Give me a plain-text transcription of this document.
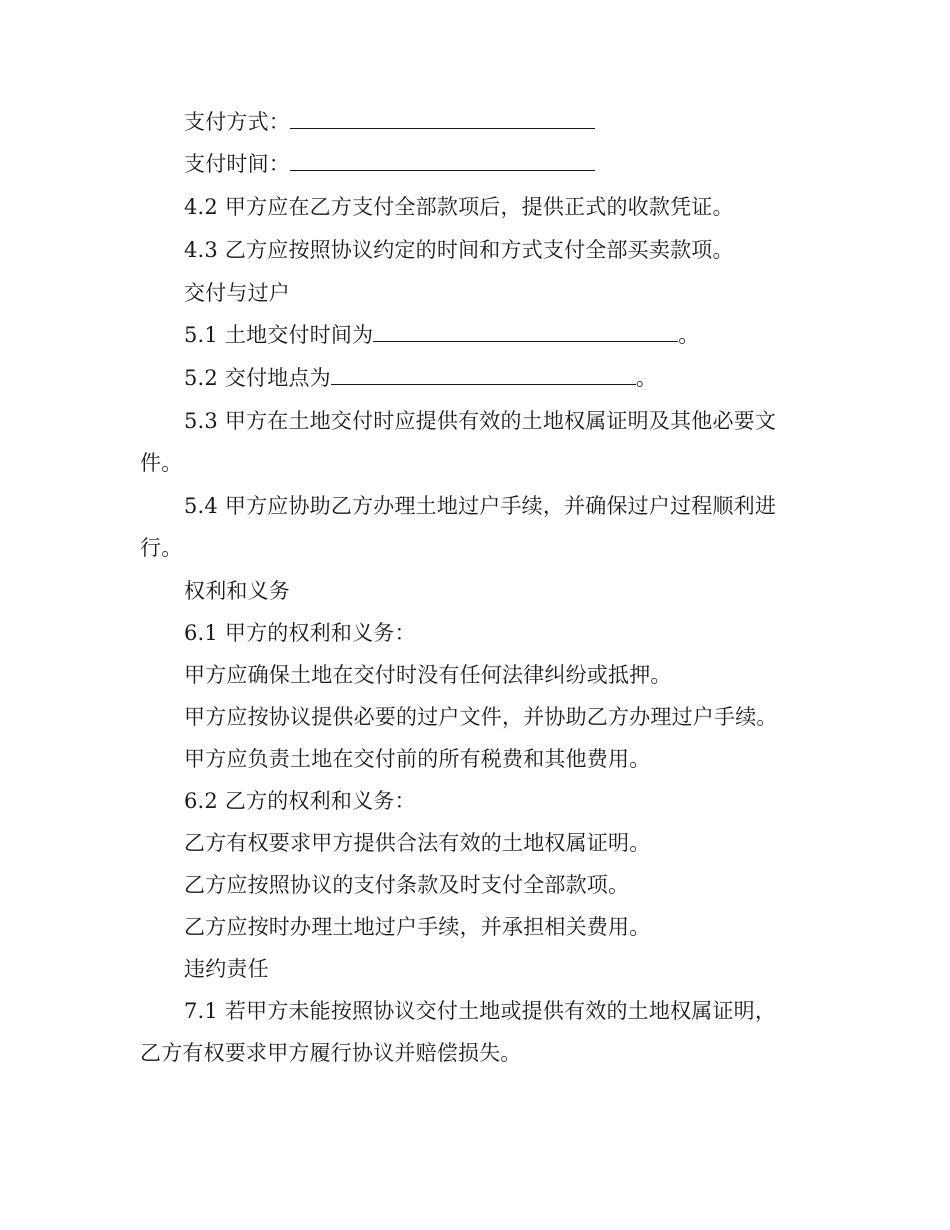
支付方式：
支付时间：
4.2 甲方应在乙方支付全部款项后，提供正式的收款凭证。
4.3 乙方应按照协议约定的时间和方式支付全部买卖款项。
交付与过户
5.1 土地交付时间为	。
5.2 交付地点为	。
5.3 甲方在土地交付时应提供有效的土地权属证明及其他必要文
件。
5.4 甲方应协助乙方办理土地过户手续，并确保过户过程顺利进
行。
权利和义务
6.1 甲方的权利和义务：
甲方应确保土地在交付时没有任何法律纠纷或抵押。
甲方应按协议提供必要的过户文件，并协助乙方办理过户手续。
甲方应负责土地在交付前的所有税费和其他费用。
6.2 乙方的权利和义务：
乙方有权要求甲方提供合法有效的土地权属证明。
乙方应按照协议的支付条款及时支付全部款项。
乙方应按时办理土地过户手续，并承担相关费用。
违约责任
7.1 若甲方未能按照协议交付土地或提供有效的土地权属证明，
乙方有权要求甲方履行协议并赔偿损失。
